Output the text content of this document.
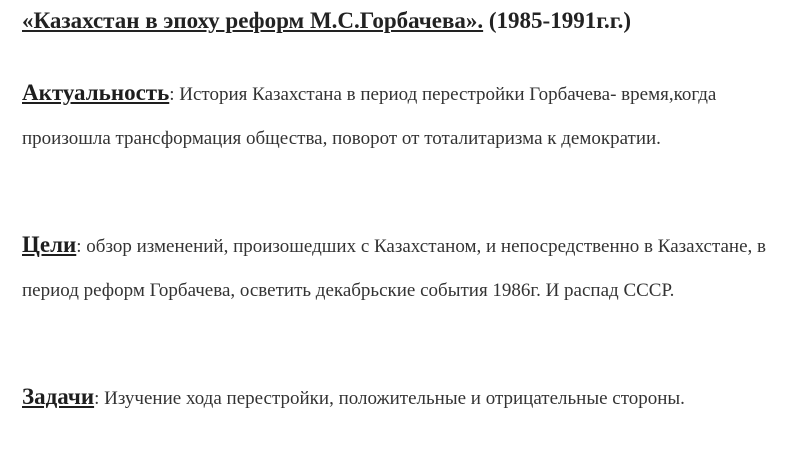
«Казахстан в эпоху реформ М.С.Горбачева». (1985-1991г.г.)
Актуальность: История Казахстана в период перестройки Горбачева- время,когда произошла трансформация общества, поворот от тоталитаризма к демократии.
Цели: обзор изменений, произошедших с Казахстаном, и непосредственно в Казахстане, в период реформ Горбачева, осветить декабрьские события 1986г. И распад СССР.
Задачи: Изучение хода перестройки, положительные и отрицательные стороны.
